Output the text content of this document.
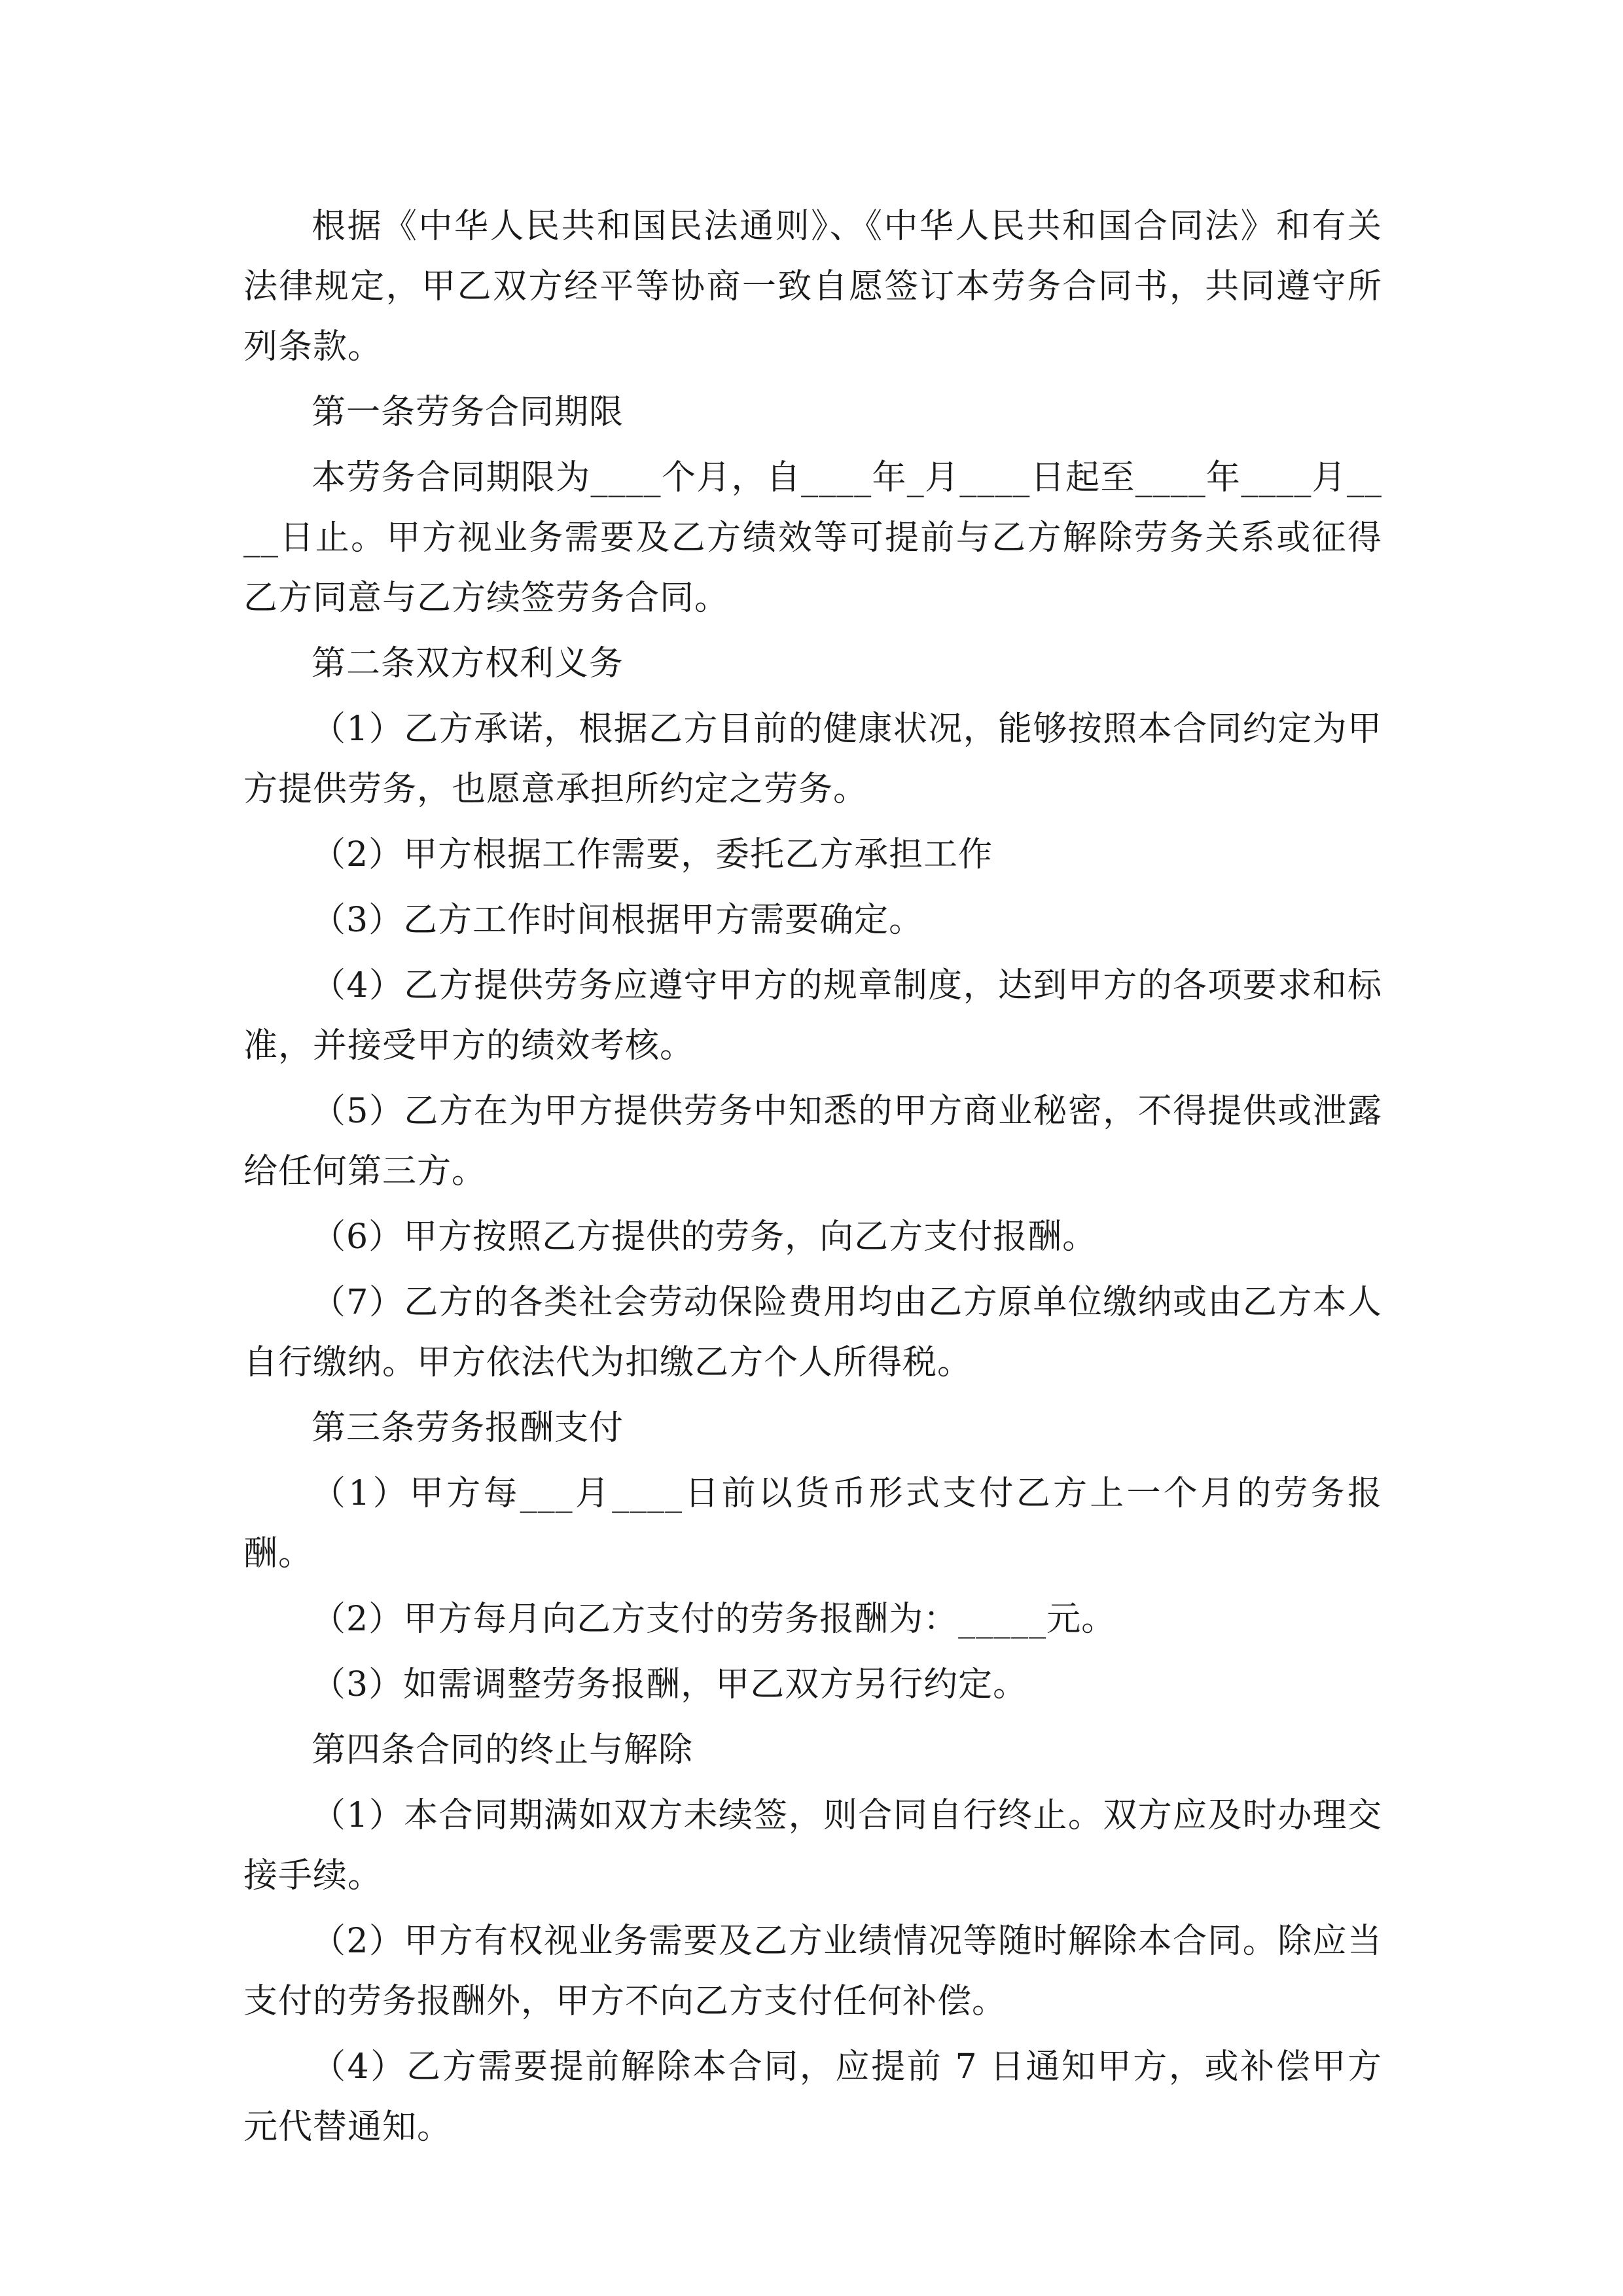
根据《中华人民共和国民法通则》、《中华人民共和国合同法》和有关法律规定，甲乙双方经平等协商一致自愿签订本劳务合同书，共同遵守所列条款。

第一条劳务合同期限

本劳务合同期限为____个月，自____年_月____日起至____年____月____日止。甲方视业务需要及乙方绩效等可提前与乙方解除劳务关系或征得乙方同意与乙方续签劳务合同。

第二条双方权利义务

（1）乙方承诺，根据乙方目前的健康状况，能够按照本合同约定为甲方提供劳务，也愿意承担所约定之劳务。

（2）甲方根据工作需要，委托乙方承担工作

（3）乙方工作时间根据甲方需要确定。

（4）乙方提供劳务应遵守甲方的规章制度，达到甲方的各项要求和标准，并接受甲方的绩效考核。

（5）乙方在为甲方提供劳务中知悉的甲方商业秘密，不得提供或泄露给任何第三方。

（6）甲方按照乙方提供的劳务，向乙方支付报酬。

（7）乙方的各类社会劳动保险费用均由乙方原单位缴纳或由乙方本人自行缴纳。甲方依法代为扣缴乙方个人所得税。

第三条劳务报酬支付

（1）甲方每___月____日前以货币形式支付乙方上一个月的劳务报酬。

（2）甲方每月向乙方支付的劳务报酬为：_____元。

（3）如需调整劳务报酬，甲乙双方另行约定。

第四条合同的终止与解除

（1）本合同期满如双方未续签，则合同自行终止。双方应及时办理交接手续。

（2）甲方有权视业务需要及乙方业绩情况等随时解除本合同。除应当支付的劳务报酬外，甲方不向乙方支付任何补偿。

（4）乙方需要提前解除本合同，应提前 7 日通知甲方，或补偿甲方元代替通知。
